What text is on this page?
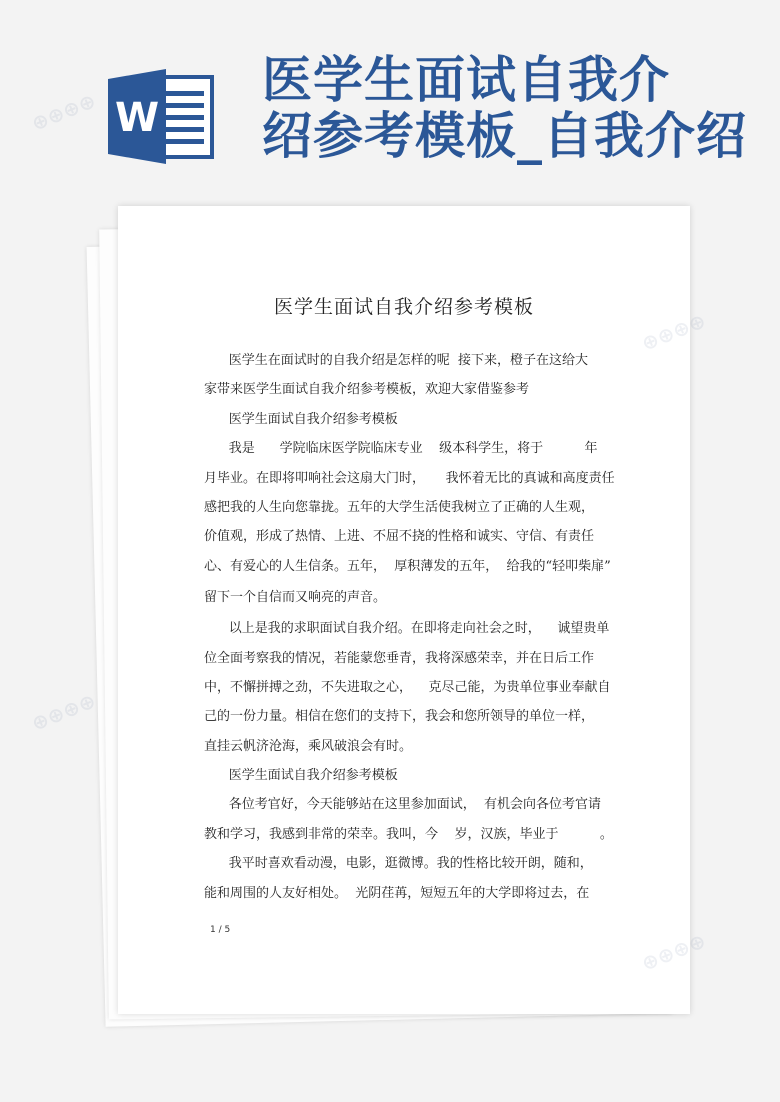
W
医学生面试自我介
绍参考模板_自我介绍
医学生面试自我介绍参考模板
医学生在面试时的自我介绍是怎样的呢  接下来，橙子在这给大
家带来医学生面试自我介绍参考模板，欢迎大家借鉴参考
医学生面试自我介绍参考模板
我是      学院临床医学院临床专业    级本科学生，将于          年
月毕业。在即将叩响社会这扇大门时，     我怀着无比的真诚和高度责任
感把我的人生向您靠拢。五年的大学生活使我树立了正确的人生观，
价值观，形成了热情、上进、不屈不挠的性格和诚实、守信、有责任
心、有爱心的人生信条。五年，  厚积薄发的五年，  给我的“轻叩柴扉”
留下一个自信而又响亮的声音。
以上是我的求职面试自我介绍。在即将走向社会之时，    诚望贵单
位全面考察我的情况，若能蒙您垂青，我将深感荣幸，并在日后工作
中，不懈拼搏之劲，不失进取之心，    克尽己能，为贵单位事业奉献自
己的一份力量。相信在您们的支持下，我会和您所领导的单位一样，
直挂云帆济沧海，乘风破浪会有时。
医学生面试自我介绍参考模板
各位考官好，今天能够站在这里参加面试，  有机会向各位考官请
教和学习，我感到非常的荣幸。我叫，今    岁，汉族，毕业于          。
我平时喜欢看动漫，电影，逛微博。我的性格比较开朗，随和，
能和周围的人友好相处。  光阴荏苒，短短五年的大学即将过去，在
1 / 5
⊕⊕⊕⊕
⊕⊕⊕⊕
